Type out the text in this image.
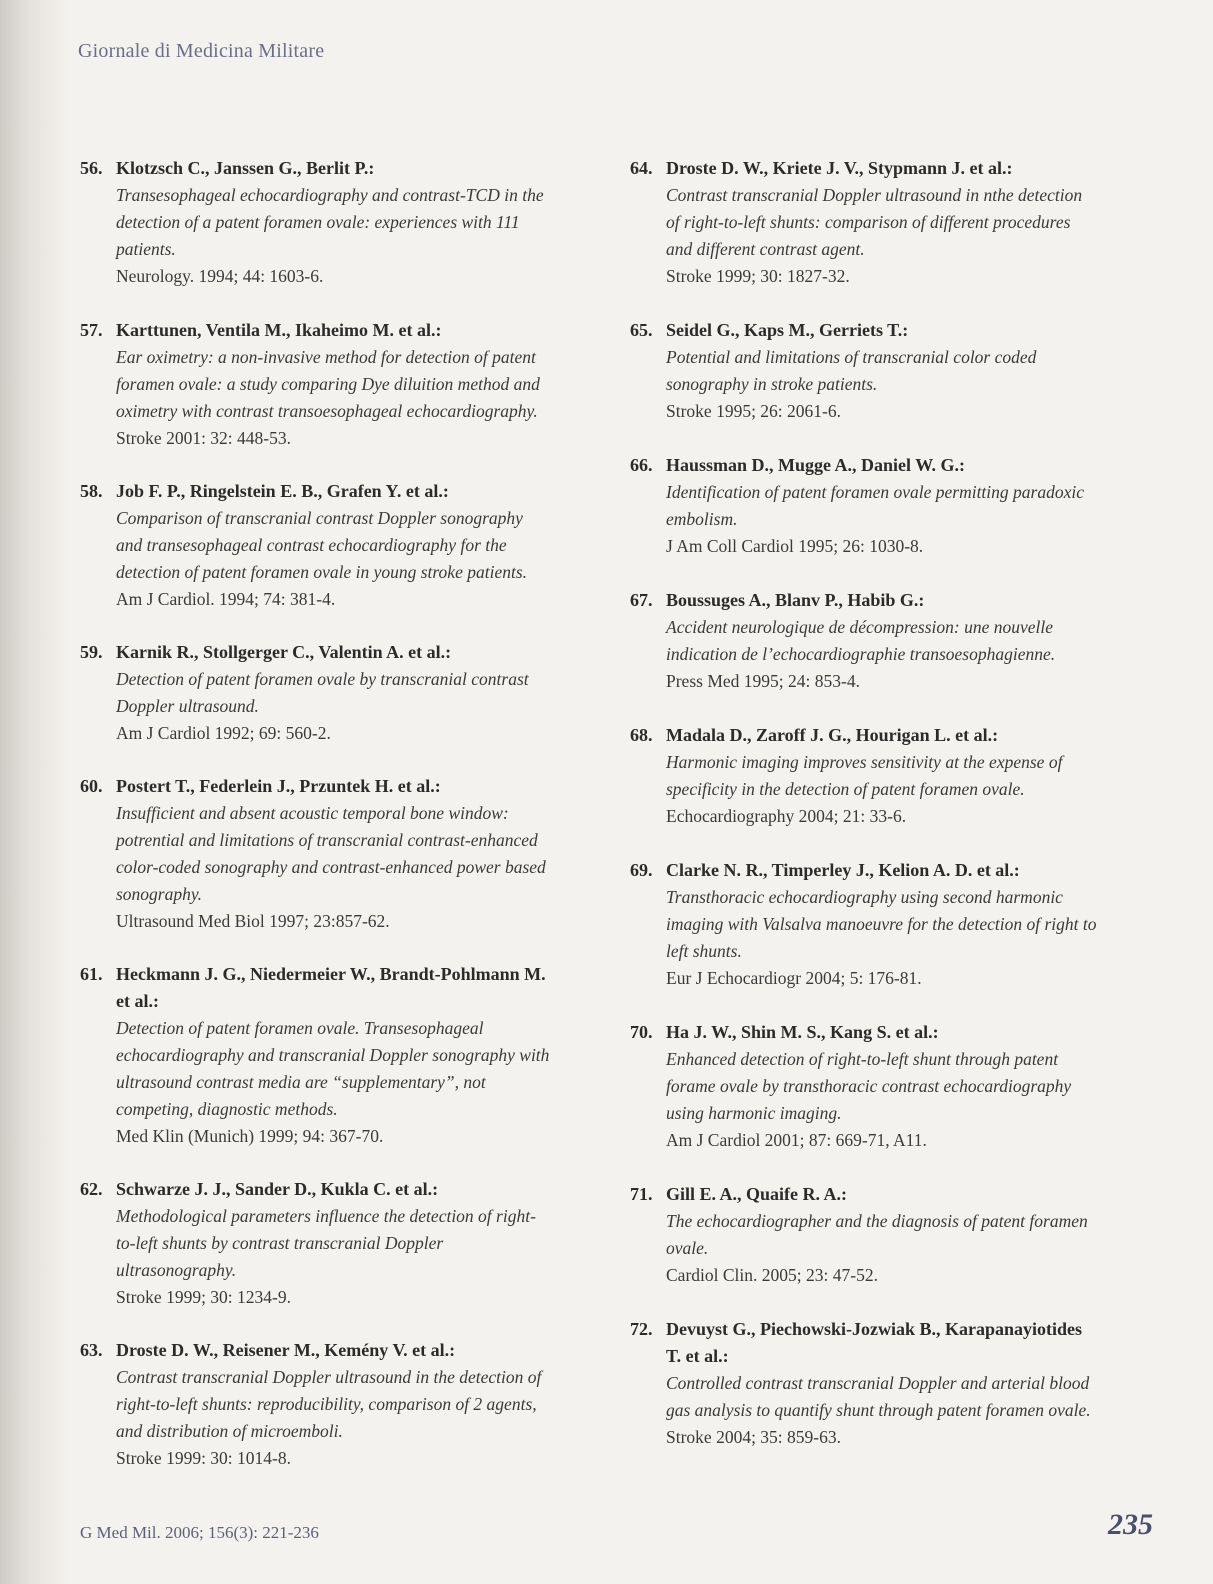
Giornale di Medicina Militare
56. Klotzsch C., Janssen G., Berlit P.:
Transesophageal echocardiography and contrast-TCD in the detection of a patent foramen ovale: experiences with 111 patients.
Neurology. 1994; 44: 1603-6.
57. Karttunen, Ventila M., Ikaheimo M. et al.:
Ear oximetry: a non-invasive method for detection of patent foramen ovale: a study comparing Dye diluition method and oximetry with contrast transoesophageal echocardiography.
Stroke 2001: 32: 448-53.
58. Job F. P., Ringelstein E. B., Grafen Y. et al.:
Comparison of transcranial contrast Doppler sonography and transesophageal contrast echocardiography for the detection of patent foramen ovale in young stroke patients.
Am J Cardiol. 1994; 74: 381-4.
59. Karnik R., Stollgerger C., Valentin A. et al.:
Detection of patent foramen ovale by transcranial contrast Doppler ultrasound.
Am J Cardiol 1992; 69: 560-2.
60. Postert T., Federlein J., Przuntek H. et al.:
Insufficient and absent acoustic temporal bone window: potrential and limitations of transcranial contrast-enhanced color-coded sonography and contrast-enhanced power based sonography.
Ultrasound Med Biol 1997; 23:857-62.
61. Heckmann J. G., Niedermeier W., Brandt-Pohlmann M. et al.:
Detection of patent foramen ovale. Transesophageal echocardiography and transcranial Doppler sonography with ultrasound contrast media are “supplementary”, not competing, diagnostic methods.
Med Klin (Munich) 1999; 94: 367-70.
62. Schwarze J. J., Sander D., Kukla C. et al.:
Methodological parameters influence the detection of right-to-left shunts by contrast transcranial Doppler ultrasonography.
Stroke 1999; 30: 1234-9.
63. Droste D. W., Reisener M., Kemény V. et al.:
Contrast transcranial Doppler ultrasound in the detection of right-to-left shunts: reproducibility, comparison of 2 agents, and distribution of microemboli.
Stroke 1999: 30: 1014-8.
64. Droste D. W., Kriete J. V., Stypmann J. et al.:
Contrast transcranial Doppler ultrasound in nthe detection of right-to-left shunts: comparison of different procedures and different contrast agent.
Stroke 1999; 30: 1827-32.
65. Seidel G., Kaps M., Gerriets T.:
Potential and limitations of transcranial color coded sonography in stroke patients.
Stroke 1995; 26: 2061-6.
66. Haussman D., Mugge A., Daniel W. G.:
Identification of patent foramen ovale permitting paradoxic embolism.
J Am Coll Cardiol 1995; 26: 1030-8.
67. Boussuges A., Blanv P., Habib G.:
Accident neurologique de décompression: une nouvelle indication de l’echocardiographie transoesophagienne.
Press Med 1995; 24: 853-4.
68. Madala D., Zaroff J. G., Hourigan L. et al.:
Harmonic imaging improves sensitivity at the expense of specificity in the detection of patent foramen ovale.
Echocardiography 2004; 21: 33-6.
69. Clarke N. R., Timperley J., Kelion A. D. et al.:
Transthoracic echocardiography using second harmonic imaging with Valsalva manoeuvre for the detection of right to left shunts.
Eur J Echocardiogr 2004; 5: 176-81.
70. Ha J. W., Shin M. S., Kang S. et al.:
Enhanced detection of right-to-left shunt through patent forame ovale by transthoracic contrast echocardiography using harmonic imaging.
Am J Cardiol 2001; 87: 669-71, A11.
71. Gill E. A., Quaife R. A.:
The echocardiographer and the diagnosis of patent foramen ovale.
Cardiol Clin. 2005; 23: 47-52.
72. Devuyst G., Piechowski-Jozwiak B., Karapanayiotides T. et al.:
Controlled contrast transcranial Doppler and arterial blood gas analysis to quantify shunt through patent foramen ovale.
Stroke 2004; 35: 859-63.
G Med Mil. 2006; 156(3): 221-236	235
